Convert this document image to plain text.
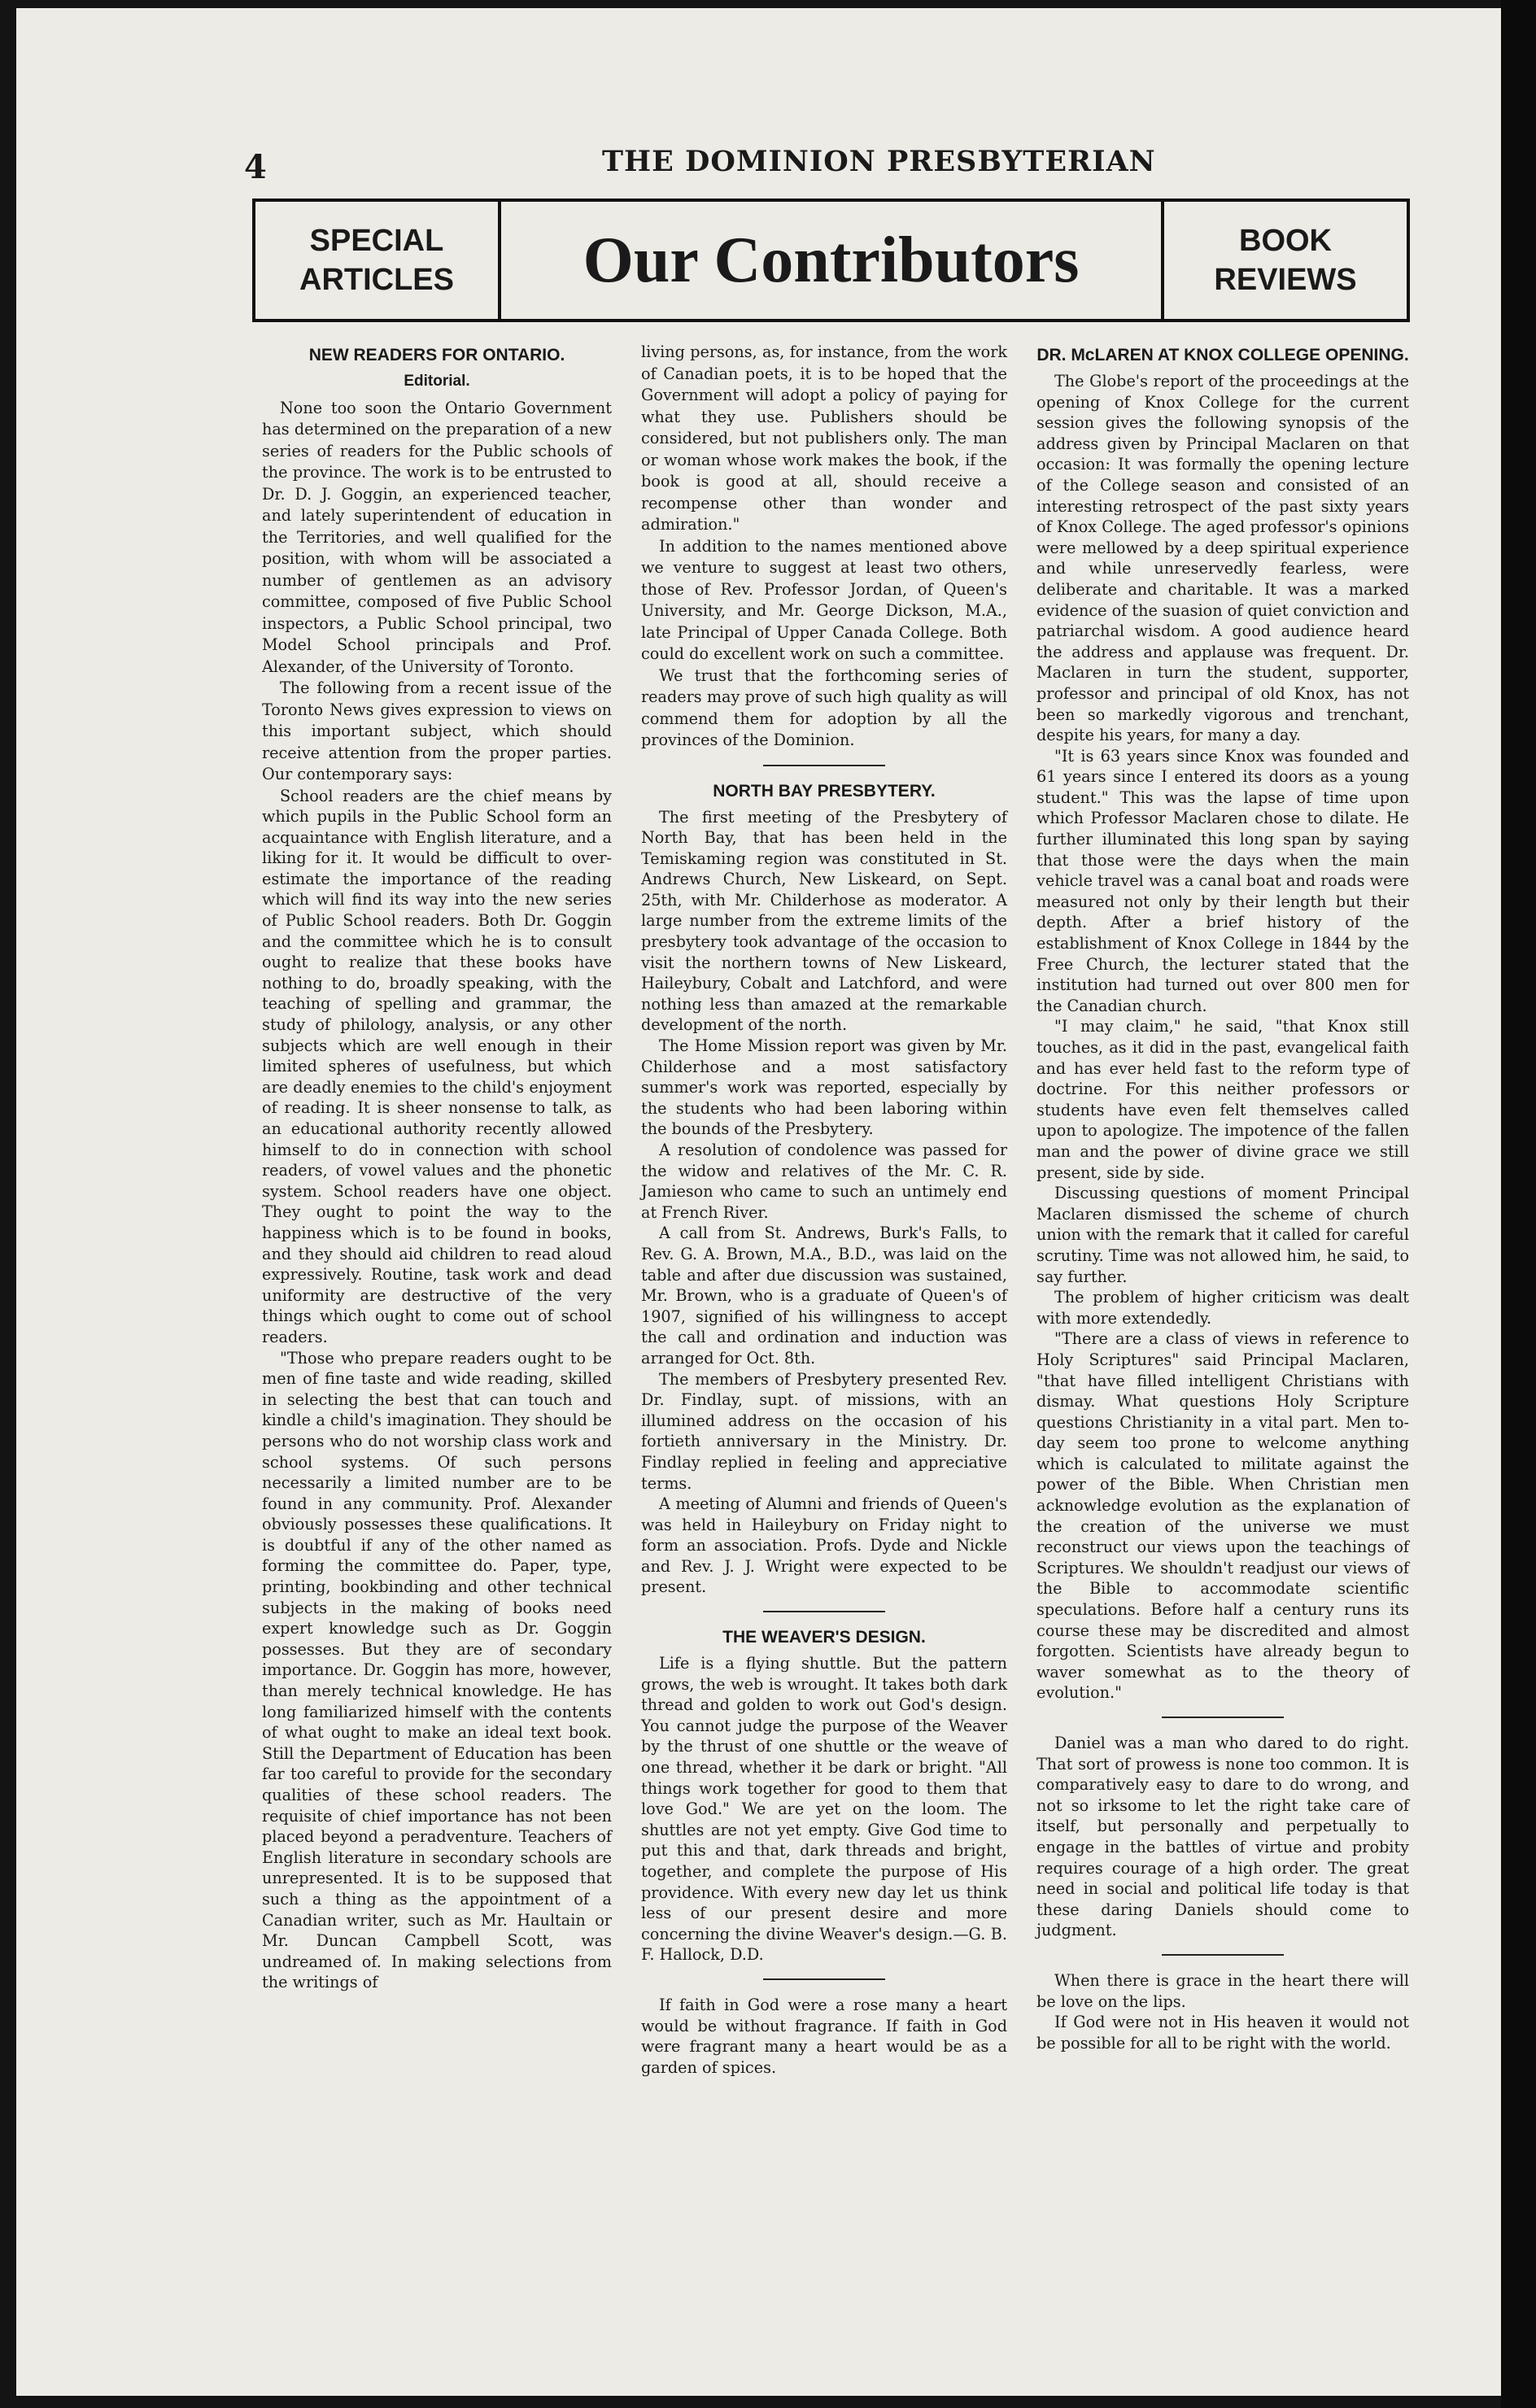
4	THE DOMINION PRESBYTERIAN
SPECIAL
ARTICLES	Our Contributors	BOOK
REVIEWS
NEW READERS FOR ONTARIO.
Editorial.

None too soon the Ontario Government has determined on the preparation of a new series of readers for the Public schools of the province. The work is to be entrusted to Dr. D. J. Goggin, an experienced teacher, and lately superintendent of education in the Territories, and well qualified for the position, with whom will be associated a number of gentlemen as an advisory committee, composed of five Public School inspectors, a Public School principal, two Model School principals and Prof. Alexander, of the University of Toronto.

The following from a recent issue of the Toronto News gives expression to views on this important subject, which should receive attention from the proper parties. Our contemporary says:

School readers are the chief means by which pupils in the Public School form an acquaintance with English literature, and a liking for it. It would be difficult to over-estimate the importance of the reading which will find its way into the new series of Public School readers. Both Dr. Goggin and the committee which he is to consult ought to realize that these books have nothing to do, broadly speaking, with the teaching of spelling and grammar, the study of philology, analysis, or any other subjects which are well enough in their limited spheres of usefulness, but which are deadly enemies to the child's enjoyment of reading. It is sheer nonsense to talk, as an educational authority recently allowed himself to do in connection with school readers, of vowel values and the phonetic system. School readers have one object. They ought to point the way to the happiness which is to be found in books, and they should aid children to read aloud expressively. Routine, task work and dead uniformity are destructive of the very things which ought to come out of school readers.

"Those who prepare readers ought to be men of fine taste and wide reading, skilled in selecting the best that can touch and kindle a child's imagination. They should be persons who do not worship class work and school systems. Of such persons necessarily a limited number are to be found in any community. Prof. Alexander obviously possesses these qualifications. It is doubtful if any of the other named as forming the committee do. Paper, type, printing, bookbinding and other technical subjects in the making of books need expert knowledge such as Dr. Goggin possesses. But they are of secondary importance. Dr. Goggin has more, however, than merely technical knowledge. He has long familiarized himself with the contents of what ought to make an ideal text book. Still the Department of Education has been far too careful to provide for the secondary qualities of these school readers. The requisite of chief importance has not been placed beyond a peradventure. Teachers of English literature in secondary schools are unrepresented. It is to be supposed that such a thing as the appointment of a Canadian writer, such as Mr. Haultain or Mr. Duncan Campbell Scott, was undreamed of. In making selections from the writings of

living persons, as, for instance, from the work of Canadian poets, it is to be hoped that the Government will adopt a policy of paying for what they use. Publishers should be considered, but not publishers only. The man or woman whose work makes the book, if the book is good at all, should receive a recompense other than wonder and admiration."

In addition to the names mentioned above we venture to suggest at least two others, those of Rev. Professor Jordan, of Queen's University, and Mr. George Dickson, M.A., late Principal of Upper Canada College. Both could do excellent work on such a committee.

We trust that the forthcoming series of readers may prove of such high quality as will commend them for adoption by all the provinces of the Dominion.

NORTH BAY PRESBYTERY.

The first meeting of the Presbytery of North Bay, that has been held in the Temiskaming region was constituted in St. Andrews Church, New Liskeard, on Sept. 25th, with Mr. Childerhose as moderator. A large number from the extreme limits of the presbytery took advantage of the occasion to visit the northern towns of New Liskeard, Haileybury, Cobalt and Latchford, and were nothing less than amazed at the remarkable development of the north.

The Home Mission report was given by Mr. Childerhose and a most satisfactory summer's work was reported, especially by the students who had been laboring within the bounds of the Presbytery.

A resolution of condolence was passed for the widow and relatives of the Mr. C. R. Jamieson who came to such an untimely end at French River.

A call from St. Andrews, Burk's Falls, to Rev. G. A. Brown, M.A., B.D., was laid on the table and after due discussion was sustained, Mr. Brown, who is a graduate of Queen's of 1907, signified of his willingness to accept the call and ordination and induction was arranged for Oct. 8th.

The members of Presbytery presented Rev. Dr. Findlay, supt. of missions, with an illumined address on the occasion of his fortieth anniversary in the Ministry. Dr. Findlay replied in feeling and appreciative terms.

A meeting of Alumni and friends of Queen's was held in Haileybury on Friday night to form an association. Profs. Dyde and Nickle and Rev. J. J. Wright were expected to be present.

THE WEAVER'S DESIGN.

Life is a flying shuttle. But the pattern grows, the web is wrought. It takes both dark thread and golden to work out God's design. You cannot judge the purpose of the Weaver by the thrust of one shuttle or the weave of one thread, whether it be dark or bright. "All things work together for good to them that love God." We are yet on the loom. The shuttles are not yet empty. Give God time to put this and that, dark threads and bright, together, and complete the purpose of His providence. With every new day let us think less of our present desire and more concerning the divine Weaver's design.—G. B. F. Hallock, D.D.

If faith in God were a rose many a heart would be without fragrance. If faith in God were fragrant many a heart would be as a garden of spices.

DR. McLAREN AT KNOX COLLEGE OPENING.

The Globe's report of the proceedings at the opening of Knox College for the current session gives the following synopsis of the address given by Principal Maclaren on that occasion: It was formally the opening lecture of the College season and consisted of an interesting retrospect of the past sixty years of Knox College. The aged professor's opinions were mellowed by a deep spiritual experience and while unreservedly fearless, were deliberate and charitable. It was a marked evidence of the suasion of quiet conviction and patriarchal wisdom. A good audience heard the address and applause was frequent. Dr. Maclaren in turn the student, supporter, professor and principal of old Knox, has not been so markedly vigorous and trenchant, despite his years, for many a day.

"It is 63 years since Knox was founded and 61 years since I entered its doors as a young student." This was the lapse of time upon which Professor Maclaren chose to dilate. He further illuminated this long span by saying that those were the days when the main vehicle travel was a canal boat and roads were measured not only by their length but their depth. After a brief history of the establishment of Knox College in 1844 by the Free Church, the lecturer stated that the institution had turned out over 800 men for the Canadian church.

"I may claim," he said, "that Knox still touches, as it did in the past, evangelical faith and has ever held fast to the reform type of doctrine. For this neither professors or students have even felt themselves called upon to apologize. The impotence of the fallen man and the power of divine grace we still present, side by side.

Discussing questions of moment Principal Maclaren dismissed the scheme of church union with the remark that it called for careful scrutiny. Time was not allowed him, he said, to say further.

The problem of higher criticism was dealt with more extendedly.

"There are a class of views in reference to Holy Scriptures" said Principal Maclaren, "that have filled intelligent Christians with dismay. What questions Holy Scripture questions Christianity in a vital part. Men to-day seem too prone to welcome anything which is calculated to militate against the power of the Bible. When Christian men acknowledge evolution as the explanation of the creation of the universe we must reconstruct our views upon the teachings of Scriptures. We shouldn't readjust our views of the Bible to accommodate scientific speculations. Before half a century runs its course these may be discredited and almost forgotten. Scientists have already begun to waver somewhat as to the theory of evolution."

Daniel was a man who dared to do right. That sort of prowess is none too common. It is comparatively easy to dare to do wrong, and not so irksome to let the right take care of itself, but personally and perpetually to engage in the battles of virtue and probity requires courage of a high order. The great need in social and political life today is that these daring Daniels should come to judgment.

When there is grace in the heart there will be love on the lips.

If God were not in His heaven it would not be possible for all to be right with the world.
